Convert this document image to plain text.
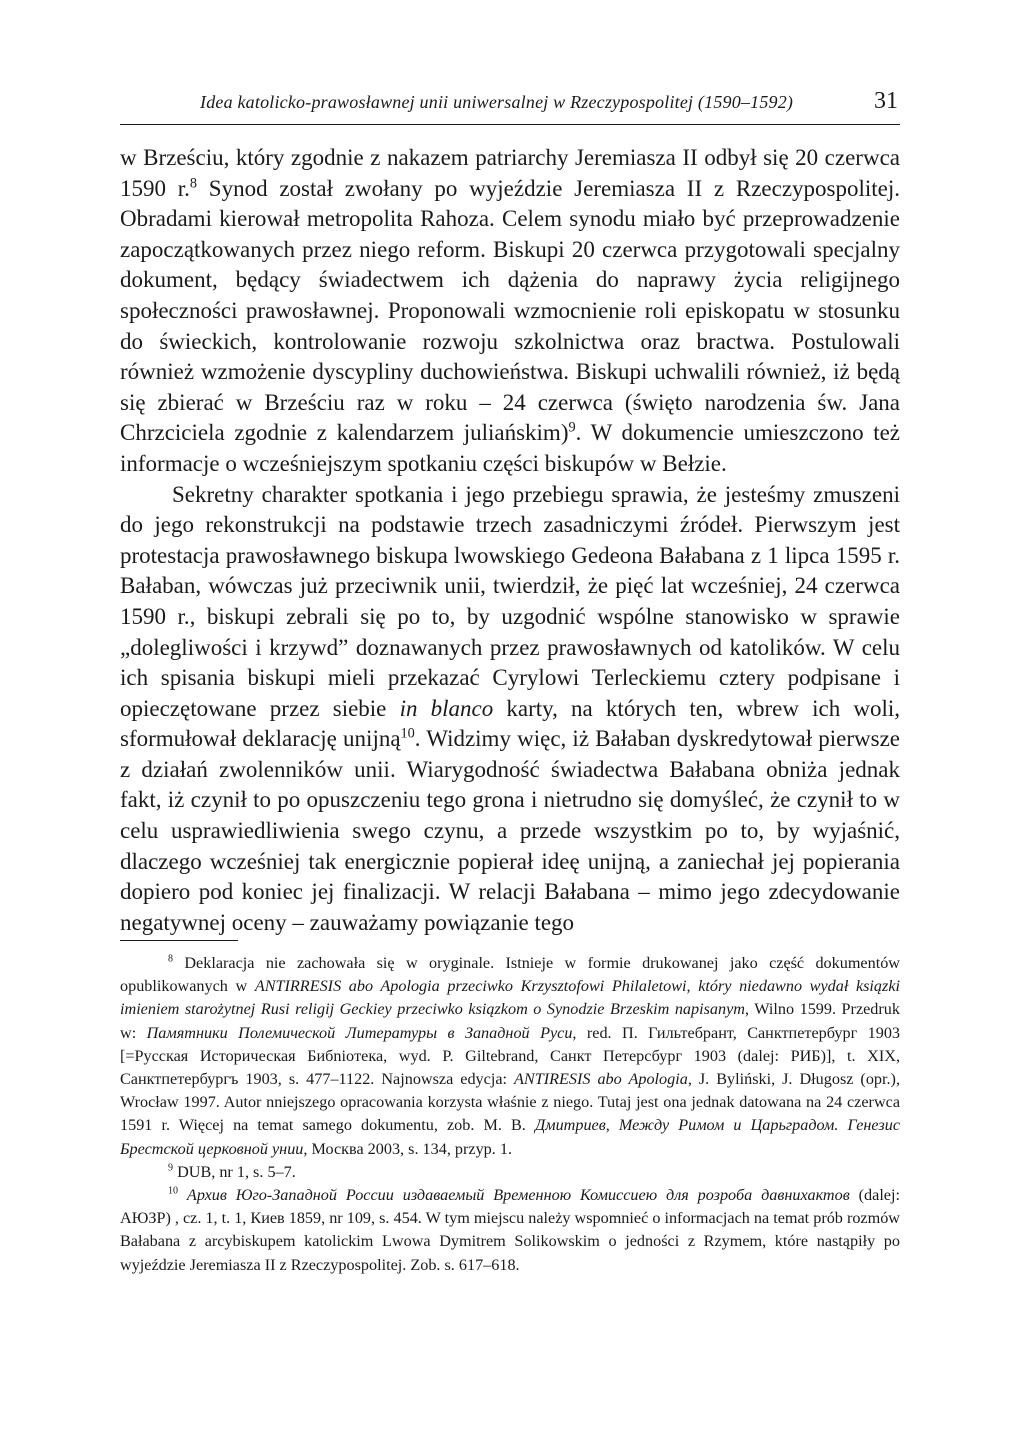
Idea katolicko-prawosławnej unii uniwersalnej w Rzeczypospolitej (1590–1592)	31

w Brześciu, który zgodnie z nakazem patriarchy Jeremiasza II odbył się 20 czerwca 1590 r.$^8$ Synod został zwołany po wyjeździe Jeremiasza II z Rzeczypospolitej. Obradami kierował metropolita Rahoza. Celem synodu miało być przeprowadzenie zapoczątkowanych przez niego reform. Biskupi 20 czerwca przygotowali specjalny dokument, będący świadectwem ich dążenia do naprawy życia religijnego społeczności prawosławnej. Proponowali wzmocnienie roli episkopatu w stosunku do świeckich, kontrolowanie rozwoju szkolnictwa oraz bractwa. Postulowali również wzmożenie dyscypliny duchowieństwa. Biskupi uchwalili również, iż będą się zbierać w Brześciu raz w roku – 24 czerwca (święto narodzenia św. Jana Chrzciciela zgodnie z kalendarzem juliańskim)$^9$. W dokumencie umieszczono też informacje o wcześniejszym spotkaniu części biskupów w Bełzie.

Sekretny charakter spotkania i jego przebiegu sprawia, że jesteśmy zmuszeni do jego rekonstrukcji na podstawie trzech zasadniczymi źródeł. Pierwszym jest protestacja prawosławnego biskupa lwowskiego Gedeona Bałabana z 1 lipca 1595 r. Bałaban, wówczas już przeciwnik unii, twierdził, że pięć lat wcześniej, 24 czerwca 1590 r., biskupi zebrali się po to, by uzgodnić wspólne stanowisko w sprawie „dolegliwości i krzywd” doznawanych przez prawosławnych od katolików. W celu ich spisania biskupi mieli przekazać Cyrylowi Terleckiemu cztery podpisane i opieczętowane przez siebie in blanco karty, na których ten, wbrew ich woli, sformułował deklarację unijną$^{10}$. Widzimy więc, iż Bałaban dyskredytował pierwsze z działań zwolenników unii. Wiarygodność świadectwa Bałabana obniża jednak fakt, iż czynił to po opuszczeniu tego grona i nietrudno się domyśleć, że czynił to w celu usprawiedliwienia swego czynu, a przede wszystkim po to, by wyjaśnić, dlaczego wcześniej tak energicznie popierał ideę unijną, a zaniechał jej popierania dopiero pod koniec jej finalizacji. W relacji Bałabana – mimo jego zdecydowanie negatywnej oceny – zauważamy powiązanie tego

$^8$ Deklaracja nie zachowała się w oryginale. Istnieje w formie drukowanej jako część dokumentów opublikowanych w ANTIRRESIS abo Apologia przeciwko Krzysztofowi Philaletowi, który niedawno wydał ksiązki imieniem starożytnej Rusi religij Geckiey przeciwko ksiązkom o Synodzie Brzeskim napisanym, Wilno 1599. Przedruk w: Памятники Полемической Литературы в Западной Руси, red. П. Гильтебрант, Санктпетербург 1903 [=Русская Историческая Бибnioтека, wyd. P. Giltebrand, Санкт Петерсбург 1903 (dalej: РИБ)], t. XIX, Санктпетербургъ 1903, s. 477–1122. Najnowsza edycja: ANTIRESIS abo Apologia, J. Byliński, J. Długosz (opr.), Wrocław 1997. Autor nniejszego opracowania korzysta właśnie z niego. Tutaj jest ona jednak datowana na 24 czerwca 1591 r. Więcej na temat samego dokumentu, zob. М. В. Дмитриев, Между Римом и Царьградом. Генезис Брестской церковной унии, Москва 2003, s. 134, przyp. 1.

$^9$ DUB, nr 1, s. 5–7.

$^{10}$ Архив Юго-Западной России издаваемый Временною Комиссиею для розроба давнихактов (dalej: АЮЗР) , cz. 1, t. 1, Киев 1859, nr 109, s. 454. W tym miejscu należy wspomnieć o informacjach na temat prób rozmów Bałabana z arcybiskupem katolickim Lwowa Dymitrem Solikowskim o jedności z Rzymem, które nastąpiły po wyjeździe Jeremiasza II z Rzeczypospolitej. Zob. s. 617–618.
